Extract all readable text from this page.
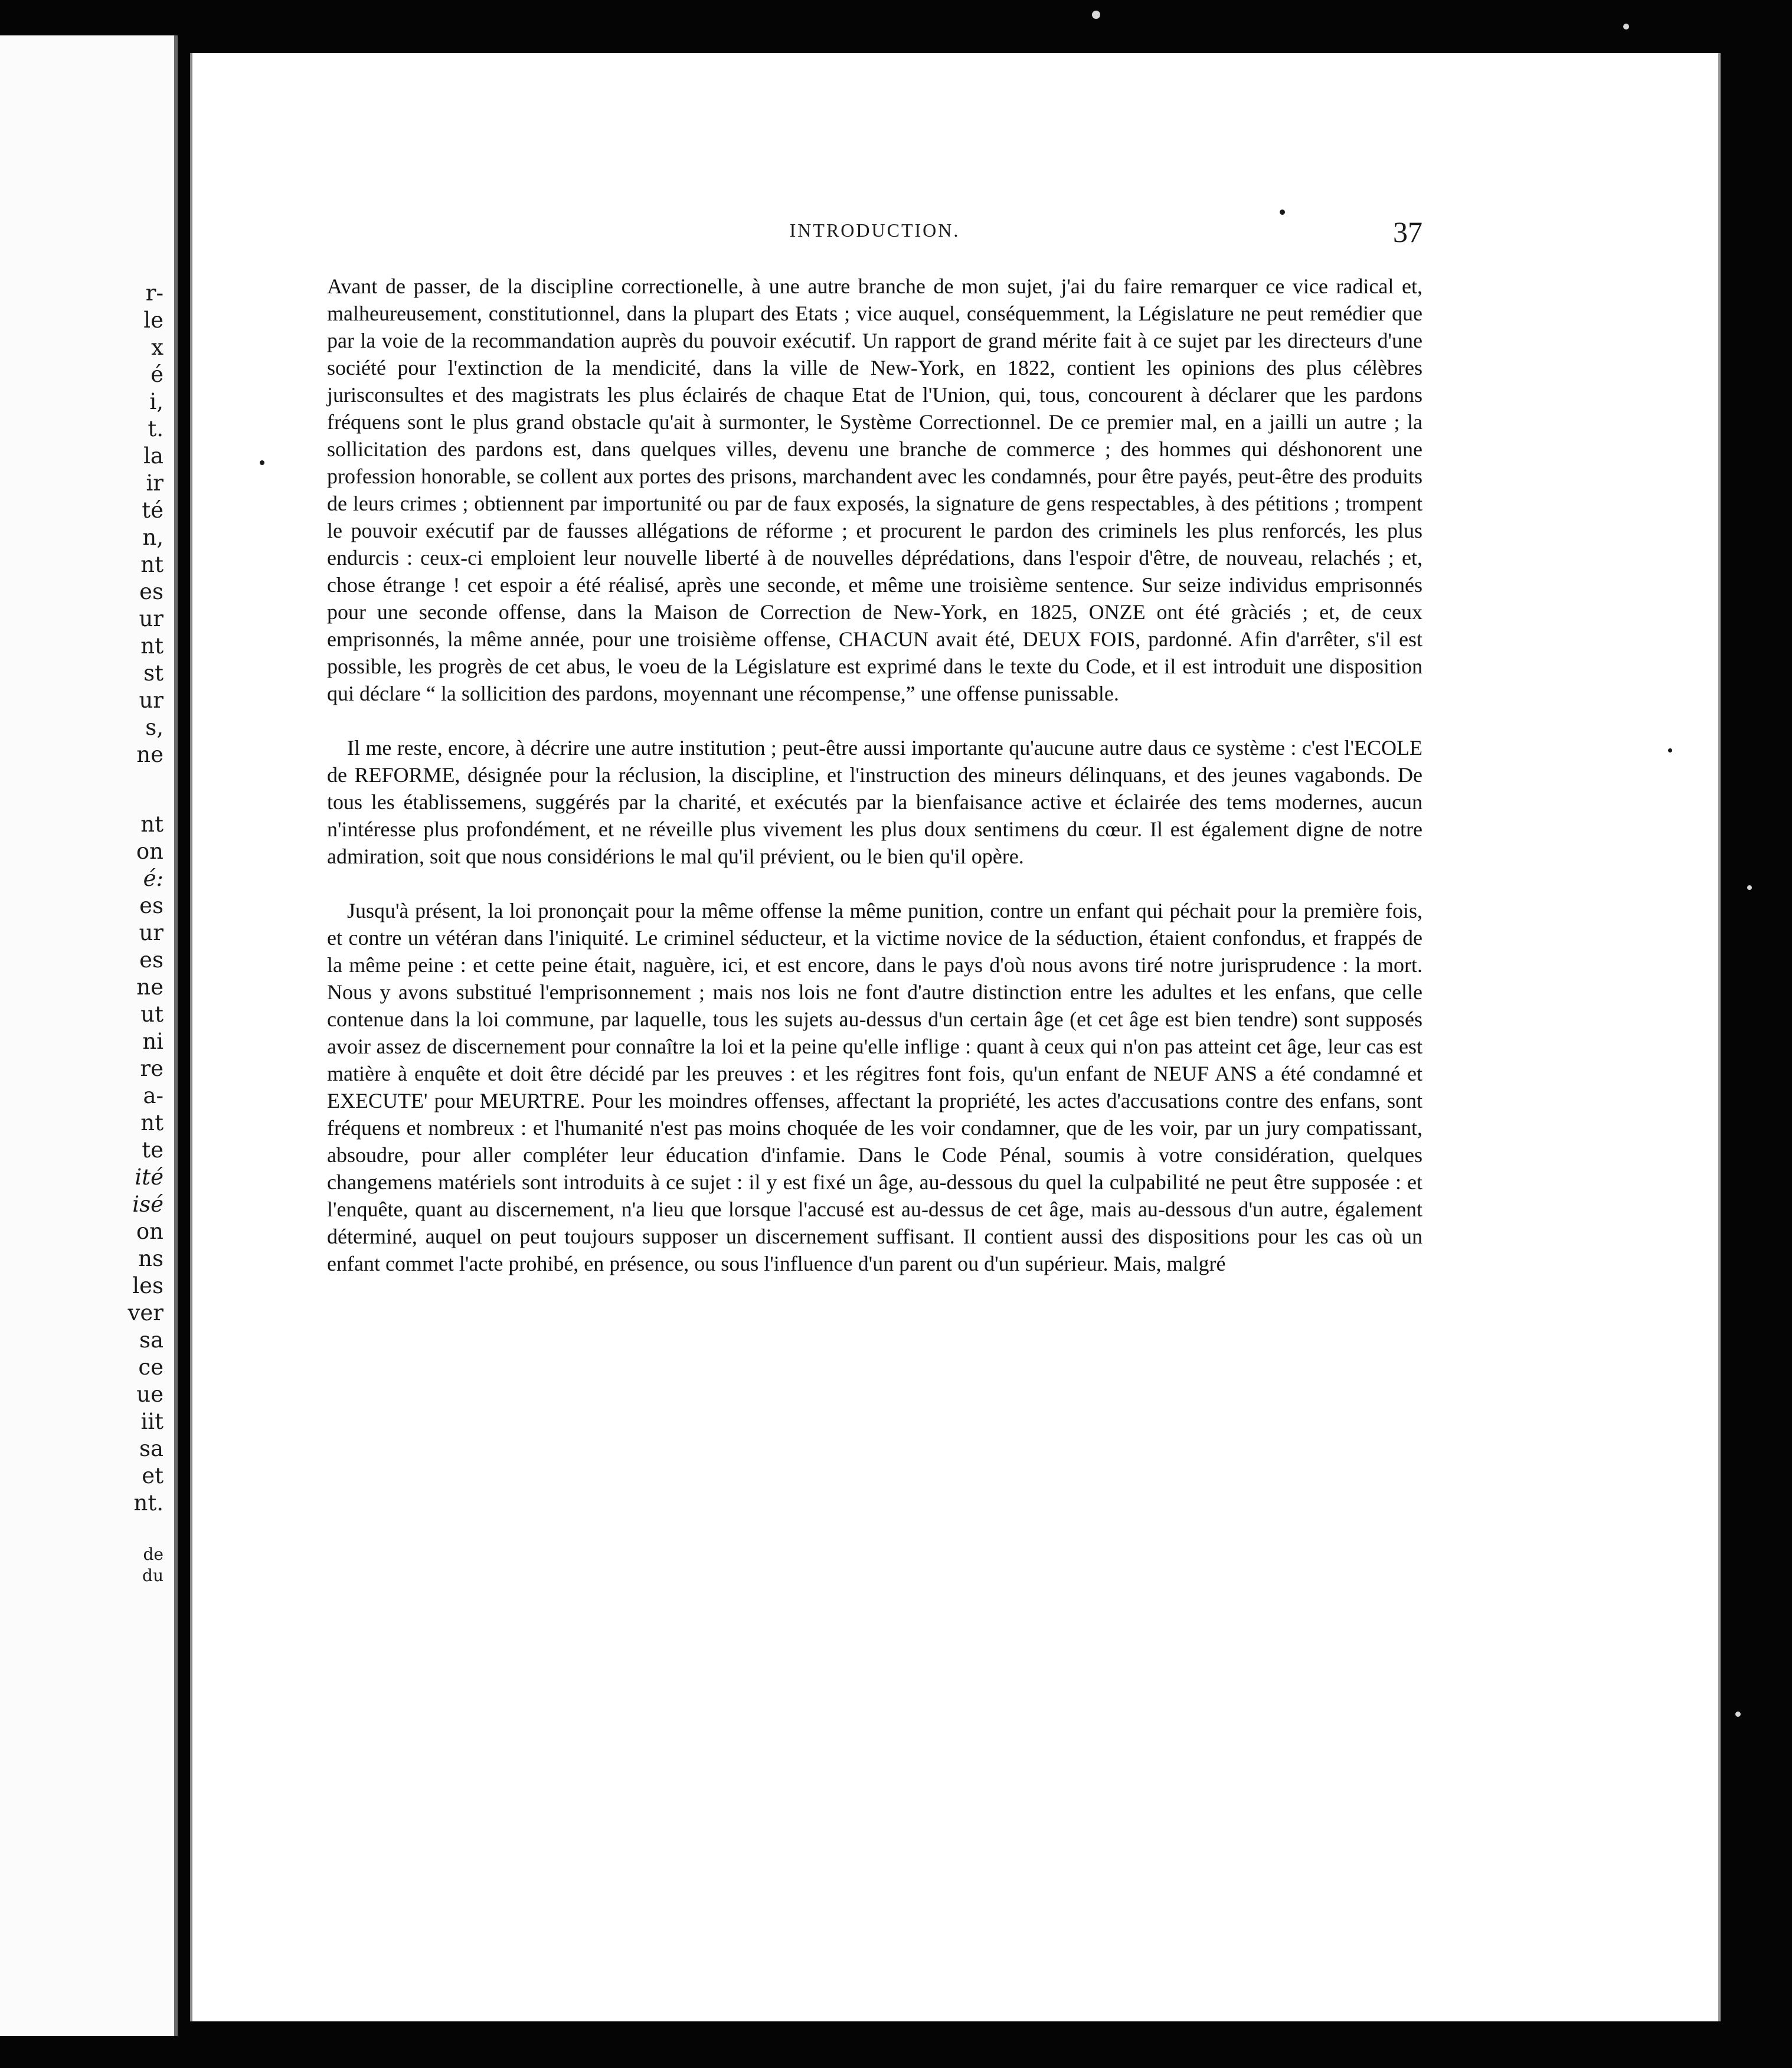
r-
le
x
é
i,
t.
la
ir
té
n,
nt
es
ur
nt
st
ur
s,
ne
nt
on
é:
es
ur
es
ne
ut
ni
re
a-
nt
te
ité
isé
on
ns
les
ver
sa
ce
ue
iit
sa
et
nt.
de
du
INTRODUCTION.	37

Avant de passer, de la discipline correctionelle, à une autre branche de mon sujet, j'ai du faire remarquer ce vice radical et, malheureusement, constitutionnel, dans la plupart des Etats ; vice auquel, conséquemment, la Législature ne peut remédier que par la voie de la recommandation auprès du pouvoir exécutif. Un rapport de grand mérite fait à ce sujet par les directeurs d'une société pour l'extinction de la mendicité, dans la ville de New-York, en 1822, contient les opinions des plus célèbres jurisconsultes et des magistrats les plus éclairés de chaque Etat de l'Union, qui, tous, concourent à déclarer que les pardons fréquens sont le plus grand obstacle qu'ait à surmonter, le Système Correctionnel. De ce premier mal, en a jailli un autre ; la sollicitation des pardons est, dans quelques villes, devenu une branche de commerce ; des hommes qui déshonorent une profession honorable, se collent aux portes des prisons, marchandent avec les condamnés, pour être payés, peut-être des produits de leurs crimes ; obtiennent par importunité ou par de faux exposés, la signature de gens respectables, à des pétitions ; trompent le pouvoir exécutif par de fausses allégations de réforme ; et procurent le pardon des criminels les plus renforcés, les plus endurcis : ceux-ci emploient leur nouvelle liberté à de nouvelles déprédations, dans l'espoir d'être, de nouveau, relachés ; et, chose étrange ! cet espoir a été réalisé, après une seconde, et même une troisième sentence. Sur seize individus emprisonnés pour une seconde offense, dans la Maison de Correction de New-York, en 1825, ONZE ont été gràciés ; et, de ceux emprisonnés, la même année, pour une troisième offense, CHACUN avait été, DEUX FOIS, pardonné. Afin d'arrêter, s'il est possible, les progrès de cet abus, le voeu de la Législature est exprimé dans le texte du Code, et il est introduit une disposition qui déclare “ la sollicition des pardons, moyennant une récompense,” une offense punissable.

Il me reste, encore, à décrire une autre institution ; peut-être aussi importante qu'aucune autre daus ce système : c'est l'ECOLE de REFORME, désignée pour la réclusion, la discipline, et l'instruction des mineurs délinquans, et des jeunes vagabonds. De tous les établissemens, suggérés par la charité, et exécutés par la bienfaisance active et éclairée des tems modernes, aucun n'intéresse plus profondément, et ne réveille plus vivement les plus doux sentimens du cœur. Il est également digne de notre admiration, soit que nous considérions le mal qu'il prévient, ou le bien qu'il opère.

Jusqu'à présent, la loi prononçait pour la même offense la même punition, contre un enfant qui péchait pour la première fois, et contre un vétéran dans l'iniquité. Le criminel séducteur, et la victime novice de la séduction, étaient confondus, et frappés de la même peine : et cette peine était, naguère, ici, et est encore, dans le pays d'où nous avons tiré notre jurisprudence : la mort. Nous y avons substitué l'emprisonnement ; mais nos lois ne font d'autre distinction entre les adultes et les enfans, que celle contenue dans la loi commune, par laquelle, tous les sujets au-dessus d'un certain âge (et cet âge est bien tendre) sont supposés avoir assez de discernement pour connaître la loi et la peine qu'elle inflige : quant à ceux qui n'on pas atteint cet âge, leur cas est matière à enquête et doit être décidé par les preuves : et les régitres font fois, qu'un enfant de NEUF ANS a été condamné et EXECUTE' pour MEURTRE. Pour les moindres offenses, affectant la propriété, les actes d'accusations contre des enfans, sont fréquens et nombreux : et l'humanité n'est pas moins choquée de les voir condamner, que de les voir, par un jury compatissant, absoudre, pour aller compléter leur éducation d'infamie. Dans le Code Pénal, soumis à votre considération, quelques changemens matériels sont introduits à ce sujet : il y est fixé un âge, au-dessous du quel la culpabilité ne peut être supposée : et l'enquête, quant au discernement, n'a lieu que lorsque l'accusé est au-dessus de cet âge, mais au-dessous d'un autre, également déterminé, auquel on peut toujours supposer un discernement suffisant. Il contient aussi des dispositions pour les cas où un enfant commet l'acte prohibé, en présence, ou sous l'influence d'un parent ou d'un supérieur. Mais, malgré
